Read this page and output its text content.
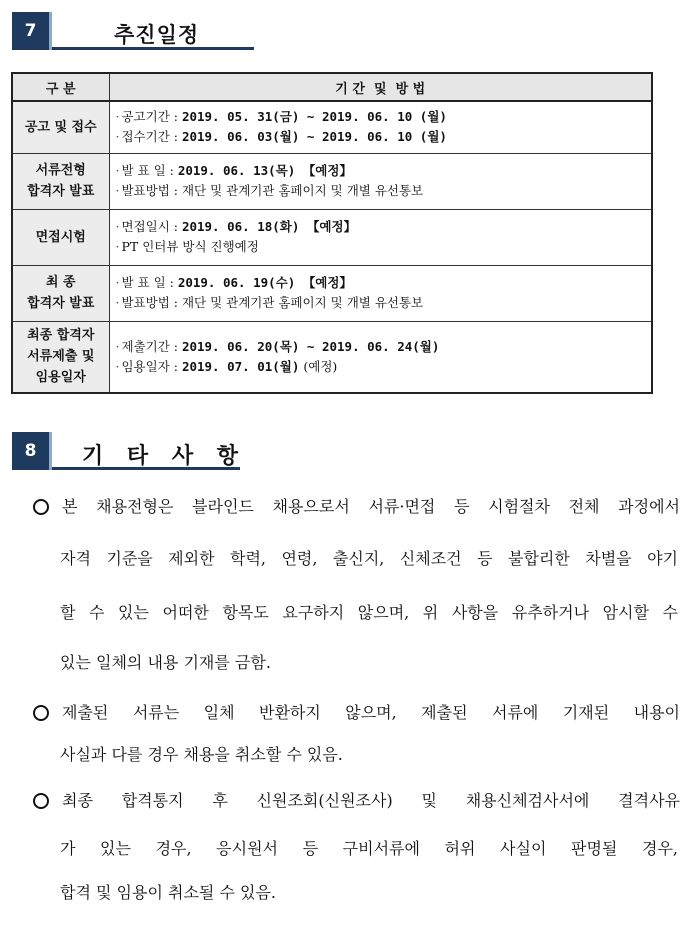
7	추진일정
구 분	기 간  및  방 법

공고 및 접수	· 공고기간 : 2019. 05. 31(금) ~ 2019. 06. 10 (월)
· 접수기간 : 2019. 06. 03(월) ~ 2019. 06. 10 (월)

서류전형
합격자 발표	· 발 표 일 : 2019. 06. 13(목) 【예정】
· 발표방법 : 재단 및 관계기관 홈페이지 및 개별 유선통보

면접시험	· 면접일시 : 2019. 06. 18(화) 【예정】
· PT 인터뷰 방식 진행예정

최 종
합격자 발표	· 발 표 일 : 2019. 06. 19(수) 【예정】
· 발표방법 : 재단 및 관계기관 홈페이지 및 개별 유선통보

최종 합격자
서류제출 및
임용일자	· 제출기간 : 2019. 06. 20(목) ~ 2019. 06. 24(월)
· 임용일자 : 2019. 07. 01(월) (예정)
8	기 타 사 항
본 채용전형은 블라인드 채용으로서 서류·면접 등 시험절차 전체 과정에서
자격 기준을 제외한 학력, 연령, 출신지, 신체조건 등 불합리한 차별을 야기
할 수 있는 어떠한 항목도 요구하지 않으며, 위 사항을 유추하거나 암시할 수
있는 일체의 내용 기재를 금함.
제출된 서류는 일체 반환하지 않으며, 제출된 서류에 기재된 내용이
사실과 다를 경우 채용을 취소할 수 있음.
최종 합격통지 후 신원조회(신원조사) 및 채용신체검사서에 결격사유
가 있는 경우, 응시원서 등 구비서류에 허위 사실이 판명될 경우,
합격 및 임용이 취소될 수 있음.
